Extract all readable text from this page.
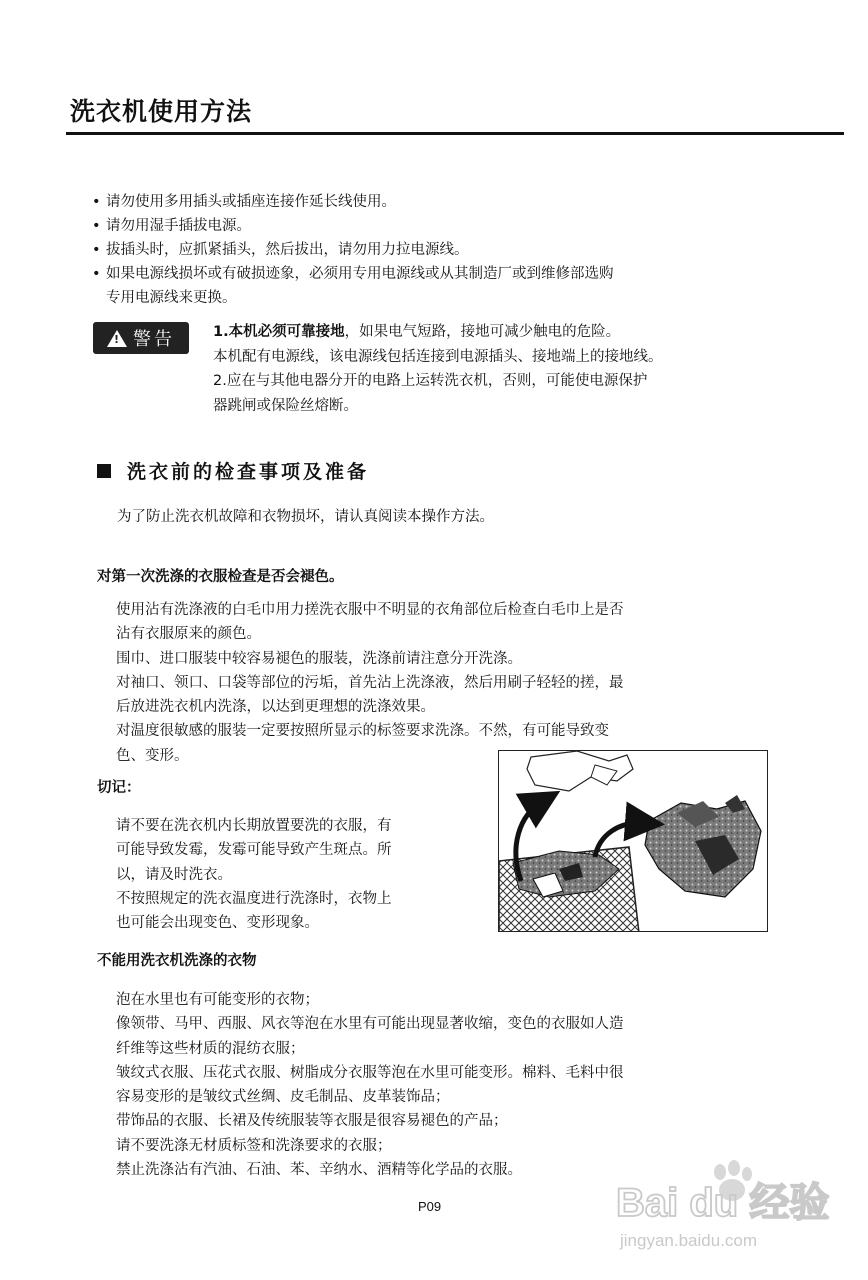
洗衣机使用方法
• 请勿使用多用插头或插座连接作延长线使用。
• 请勿用湿手插拔电源。
• 拔插头时，应抓紧插头，然后拔出，请勿用力拉电源线。
• 如果电源线损坏或有破损迹象，必须用专用电源线或从其制造厂或到维修部选购
专用电源线来更换。
!
警告	1.本机必须可靠接地，如果电气短路，接地可减少触电的危险。

本机配有电源线，该电源线包括连接到电源插头、接地端上的接地线。

2.应在与其他电器分开的电路上运转洗衣机，否则，可能使电源保护

器跳闸或保险丝熔断。

洗衣前的检查事项及准备
为了防止洗衣机故障和衣物损坏，请认真阅读本操作方法。
对第一次洗涤的衣服检查是否会褪色。

使用沾有洗涤液的白毛巾用力搓洗衣服中不明显的衣角部位后检查白毛巾上是否

沾有衣服原来的颜色。

围巾、进口服装中较容易褪色的服装，洗涤前请注意分开洗涤。

对袖口、领口、口袋等部位的污垢，首先沾上洗涤液，然后用刷子轻轻的搓，最

后放进洗衣机内洗涤，以达到更理想的洗涤效果。

对温度很敏感的服装一定要按照所显示的标签要求洗涤。不然，有可能导致变

色、变形。

切记：

请不要在洗衣机内长期放置要洗的衣服，有

可能导致发霉，发霉可能导致产生斑点。所

以，请及时洗衣。

不按照规定的洗衣温度进行洗涤时，衣物上

也可能会出现变色、变形现象。

不能用洗衣机洗涤的衣物

泡在水里也有可能变形的衣物；

像领带、马甲、西服、风衣等泡在水里有可能出现显著收缩，变色的衣服如人造

纤维等这些材质的混纺衣服；

皱纹式衣服、压花式衣服、树脂成分衣服等泡在水里可能变形。棉料、毛料中很

容易变形的是皱纹式丝绸、皮毛制品、皮革装饰品；

带饰品的衣服、长裙及传统服装等衣服是很容易褪色的产品；

请不要洗涤无材质标签和洗涤要求的衣服；

禁止洗涤沾有汽油、石油、苯、辛纳水、酒精等化学品的衣服。

P09	Bai du 经验
jingyan.baidu.com
